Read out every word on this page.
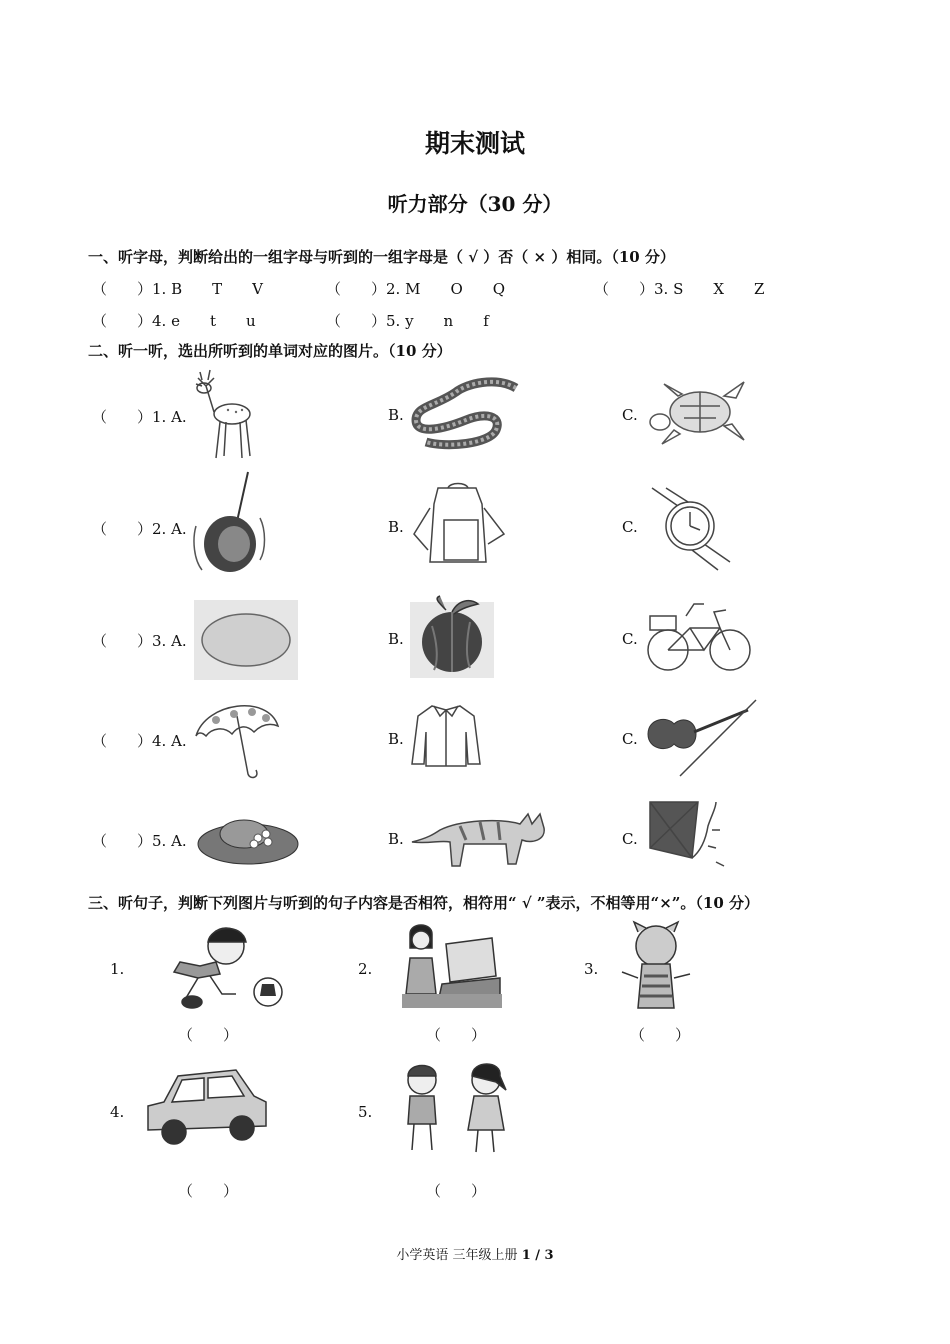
期末测试
听力部分（30 分）
一、听字母，判断给出的一组字母与听到的一组字母是（ √ ）否（ × ）相同。（10 分）
（　　）1. B　　T　　V	（　　）2. M　　O　　Q	（　　）3. S　　X　　Z
（　　）4. e　　t　　u	（　　）5. y　　n　　f
二、听一听，选出所听到的单词对应的图片。（10 分）
（　　）1. A.	B.	C.
（　　）2. A.	B.	C.
（　　）3. A.	B.	C.
（　　）4. A.	B.	C.
（　　）5. A.	B.	C.
三、听句子，判断下列图片与听到的句子内容是否相符，相符用“ √ ”表示，不相等用“×”。（10 分）
1.
（　　）
2.
（　　）
3.
（　　）
4.
（　　）
5.
（　　）
小学英语 三年级上册 1 / 3
